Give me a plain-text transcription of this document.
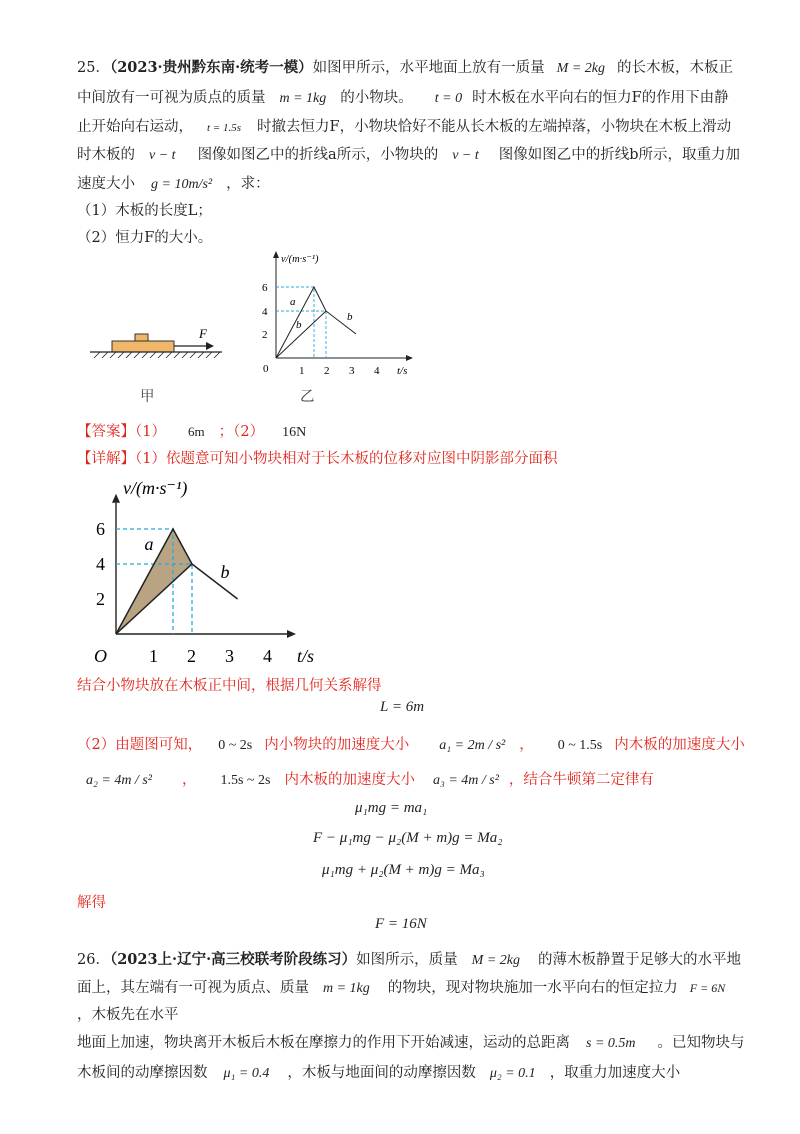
25．（2023·贵州黔东南·统考一模）如图甲所示，水平地面上放有一质量 M = 2kg 的长木板，木板正
中间放有一可视为质点的质量 m = 1kg 的小物块。 t = 0 时木板在水平向右的恒力F的作用下由静
止开始向右运动， t = 1.5s 时撤去恒力F，小物块恰好不能从长木板的左端掉落，小物块在木板上滑动
时木板的 v − t 图像如图乙中的折线a所示，小物块的 v − t 图像如图乙中的折线b所示，取重力加
速度大小 g = 10m/s² ，求：
（1）木板的长度L；
（2）恒力F的大小。
F
甲
v/(m·s⁻¹)
t/s
0	1 2 3 4
2
4
6
a
b
b
乙
【答案】（1） 6m ；（2） 16N
【详解】（1）依题意可知小物块相对于长木板的位移对应图中阴影部分面积
a
b
1 2 3 4
2
4
6
v/(m·s⁻¹)
t/s
O
结合小物块放在木板正中间，根据几何关系解得
L = 6m
（2）由题图可知， 0 ~ 2s 内小物块的加速度大小 a₁ = 2m / s² ， 0 ~ 1.5s 内木板的加速度大小
a₂ = 4m / s² ， 1.5s ~ 2s 内木板的加速度大小 a₃ = 4m / s² ，结合牛顿第二定律有
μ₁mg = ma₁
F − μ₁mg − μ₂(M + m)g = Ma₂
μ₁mg + μ₂(M + m)g = Ma₃
解得
F = 16N
26．（2023上·辽宁·高三校联考阶段练习）如图所示，质量 M = 2kg 的薄木板静置于足够大的水平地
面上，其左端有一可视为质点、质量 m = 1kg 的物块，现对物块施加一水平向右的恒定拉力 F = 6N
，木板先在水平
地面上加速，物块离开木板后木板在摩擦力的作用下开始减速，运动的总距离 s = 0.5m 。已知物块与
木板间的动摩擦因数 μ₁ = 0.4 ，木板与地面间的动摩擦因数 μ₂ = 0.1 ，取重力加速度大小
